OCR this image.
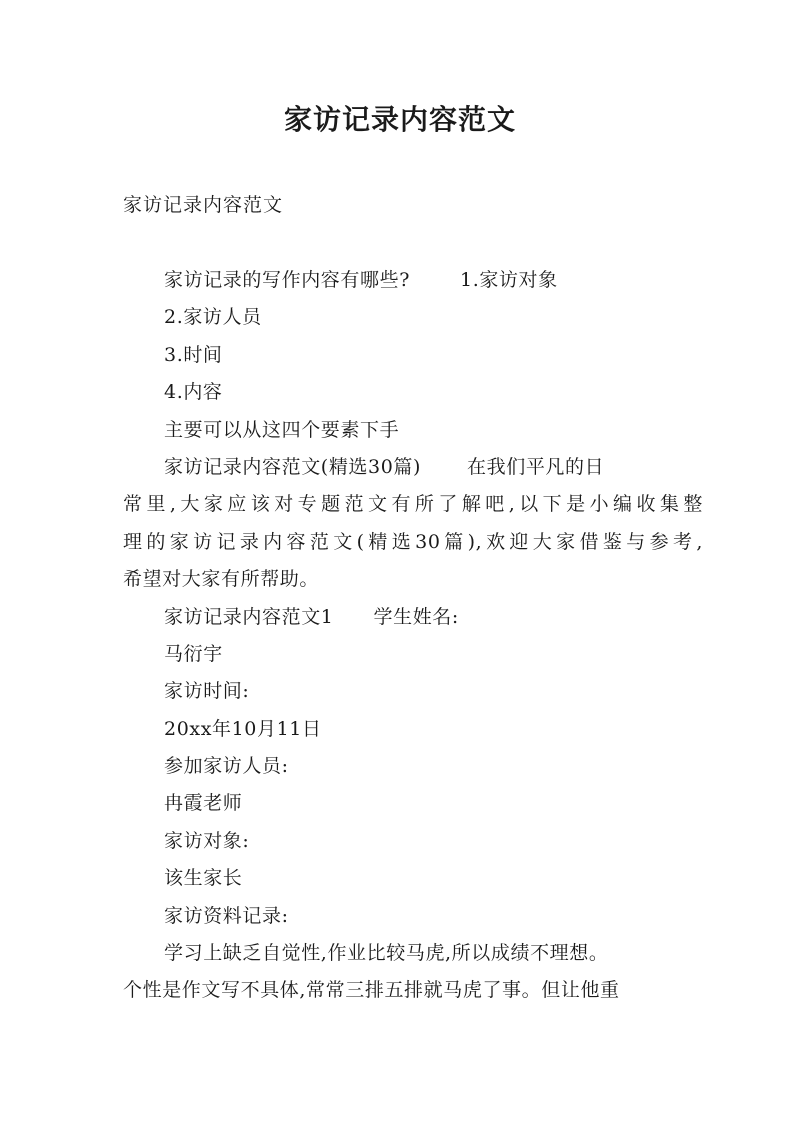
家访记录内容范文

家访记录内容范文

家访记录的写作内容有哪些?	1.家访对象
2.家访人员
3.时间
4.内容
主要可以从这四个要素下手
家访记录内容范文(精选30篇) 在我们平凡的日
常里,大家应该对专题范文有所了解吧,以下是小编收集整
理的家访记录内容范文(精选30篇),欢迎大家借鉴与参考,
希望对大家有所帮助。
家访记录内容范文1 学生姓名:
马衍宇
家访时间:
20xx年10月11日
参加家访人员:
冉霞老师
家访对象:
该生家长
家访资料记录:
学习上缺乏自觉性,作业比较马虎,所以成绩不理想。
个性是作文写不具体,常常三排五排就马虎了事。但让他重
